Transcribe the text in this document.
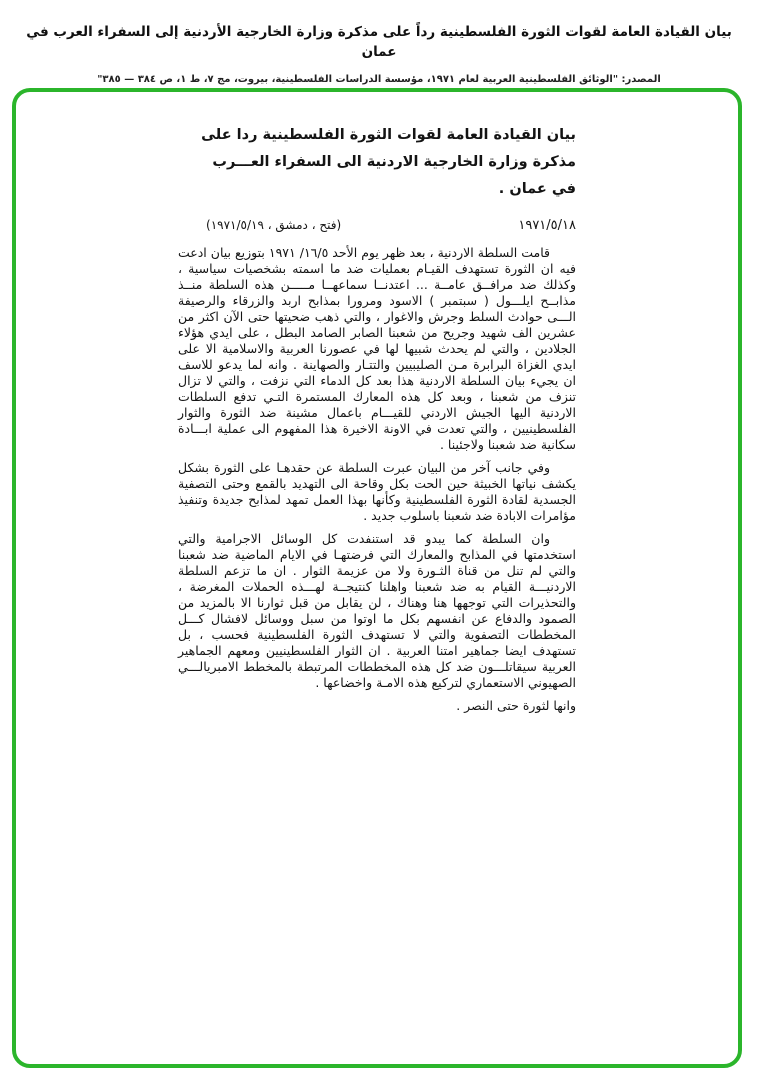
بيان القيادة العامة لقوات الثورة الفلسطينية رداً على مذكرة وزارة الخارجية الأردنية إلى السفراء العرب في عمان
المصدر: "الوثائق الفلسطينية العربية لعام ١٩٧١، مؤسسة الدراسات الفلسطينية، بيروت، مج ٧، ط ١، ص ٣٨٤ — ٣٨٥"
بيان القيادة العامة لقوات الثورة الفلسطينية ردا على
مذكرة وزارة الخارجية الاردنية الى السفراء العـــرب
في عمان .
١٩٧١/٥/١٨
(فتح ، دمشق ، ١٩٧١/٥/١٩)

قامت السلطة الاردنية ، بعد ظهر يوم الأحد ١٦/٥/ ١٩٧١ بتوزيع بيان ادعت فيه ان الثورة تستهدف القيـام بعمليات ضد ما اسمته بشخصيات سياسية ، وكذلك ضد مرافــق عامــة ... اعتدنــا سماعهــا مـــــن هذه السلطة منــذ مذابــح ايلـــول ( سبتمبر ) الاسود ومرورا بمذابح اربد والزرقاء والرصيفة الـــى حوادث السلط وجرش والاغوار ، والتي ذهب ضحيتها حتى الآن اكثر من عشرين الف شهيد وجريح من شعبنا الصابر الصامد البطل ، على ايدي هؤلاء الجلادين ، والتي لم يحدث شبيها لها في عصورنا العربية والاسلامية الا على ايدي الغزاة البرابرة مـن الصليبيين والتتـار والصهاينة . وانه لما يدعو للاسف ان يجيء بيان السلطة الاردنية هذا بعد كل الدماء التي نزفت ، والتي لا تزال تنزف من شعبنا ، وبعد كل هذه المعارك المستمرة التـي تدفع السلطات الاردنية اليها الجيش الاردني للقيـــام باعمال مشينة ضد الثورة والثوار الفلسطينيين ، والتي تعدت في الاونة الاخيرة هذا المفهوم الى عملية ابـــادة سكانية ضد شعبنا ولاجئينا .

وفي جانب آخر من البيان عبرت السلطة عن حقدهـا على الثورة بشكل يكشف نياتها الخبيثة حين الحت بكل وقاحة الى التهديد بالقمع وحتى التصفية الجسدية لقادة الثورة الفلسطينية وكأنها بهذا العمل تمهد لمذابح جديدة وتنفيذ مؤامرات الابادة ضد شعبنا باسلوب جديد .

وان السلطة كما يبدو قد استنفدت كل الوسائل الاجرامية والتي استخدمتها في المذابح والمعارك التي فرضتهـا في الايام الماضية ضد شعبنا والتي لم تنل من قناة الثـورة ولا من عزيمة الثوار . ان ما تزعم السلطة الاردنيـــة القيام به ضد شعبنا واهلنا كنتيجــة لهـــذه الحملات المغرضة ، والتحذيرات التي توجهها هنا وهناك ، لن يقابل من قبل ثوارنا الا بالمزيد من الصمود والدفاع عن انفسهم بكل ما اوتوا من سبل ووسائل لافشال كـــل المخططات التصفوية والتي لا تستهدف الثورة الفلسطينية فحسب ، بل تستهدف ايضا جماهير امتنا العربية . ان الثوار الفلسطينيين ومعهم الجماهير العربية سيقاتلـــون ضد كل هذه المخططات المرتبطة بالمخطط الامبريالـــي الصهيوني الاستعماري لتركيع هذه الامـة واخضاعها .

وانها لثورة حتى النصر .
